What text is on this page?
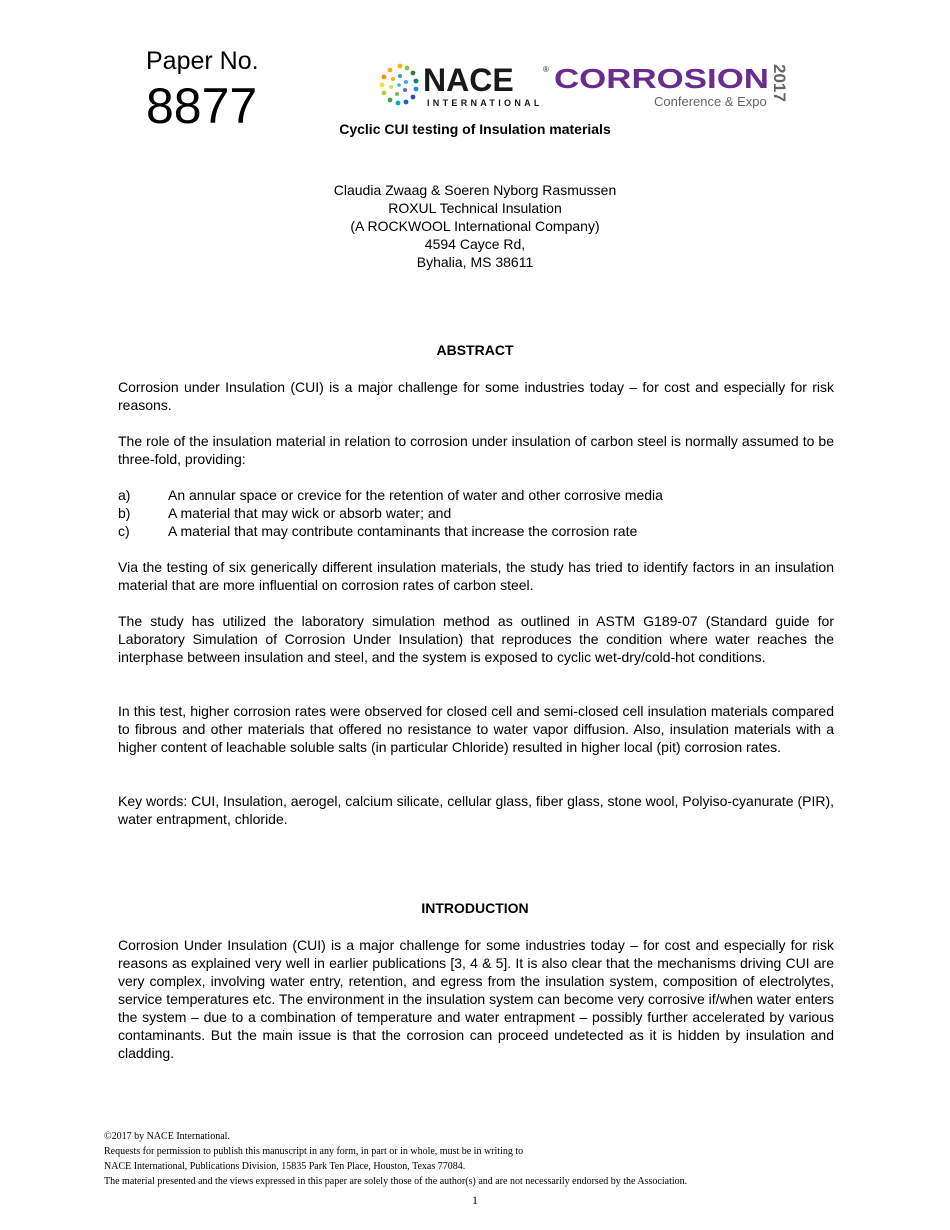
Paper No.
8877	NACE	®
INTERNATIONAL
CORROSION
Conference & Expo 2017
Cyclic CUI testing of Insulation materials
Claudia Zwaag & Soeren Nyborg Rasmussen
ROXUL Technical Insulation
(A ROCKWOOL International Company)
4594 Cayce Rd,
Byhalia, MS 38611
ABSTRACT

Corrosion under Insulation (CUI) is a major challenge for some industries today – for cost and especially for risk reasons.

The role of the insulation material in relation to corrosion under insulation of carbon steel is normally assumed to be three-fold, providing:

a)	An annular space or crevice for the retention of water and other corrosive media
b)	A material that may wick or absorb water; and
c)	A material that may contribute contaminants that increase the corrosion rate

Via the testing of six generically different insulation materials, the study has tried to identify factors in an insulation material that are more influential on corrosion rates of carbon steel.

The study has utilized the laboratory simulation method as outlined in ASTM G189-07 (Standard guide for Laboratory Simulation of Corrosion Under Insulation) that reproduces the condition where water reaches the interphase between insulation and steel, and the system is exposed to cyclic wet-dry/cold-hot conditions.

In this test, higher corrosion rates were observed for closed cell and semi-closed cell insulation materials compared to fibrous and other materials that offered no resistance to water vapor diffusion. Also, insulation materials with a higher content of leachable soluble salts (in particular Chloride) resulted in higher local (pit) corrosion rates.

Key words: CUI, Insulation, aerogel, calcium silicate, cellular glass, fiber glass, stone wool, Polyiso-cyanurate (PIR), water entrapment, chloride.

INTRODUCTION

Corrosion Under Insulation (CUI) is a major challenge for some industries today – for cost and especially for risk reasons as explained very well in earlier publications [3, 4 & 5]. It is also clear that the mechanisms driving CUI are very complex, involving water entry, retention, and egress from the insulation system, composition of electrolytes, service temperatures etc. The environment in the insulation system can become very corrosive if/when water enters the system – due to a combination of temperature and water entrapment – possibly further accelerated by various contaminants. But the main issue is that the corrosion can proceed undetected as it is hidden by insulation and cladding.

©2017 by NACE International.
Requests for permission to publish this manuscript in any form, in part or in whole, must be in writing to
NACE International, Publications Division, 15835 Park Ten Place, Houston, Texas 77084.
The material presented and the views expressed in this paper are solely those of the author(s) and are not necessarily endorsed by the Association.
1
